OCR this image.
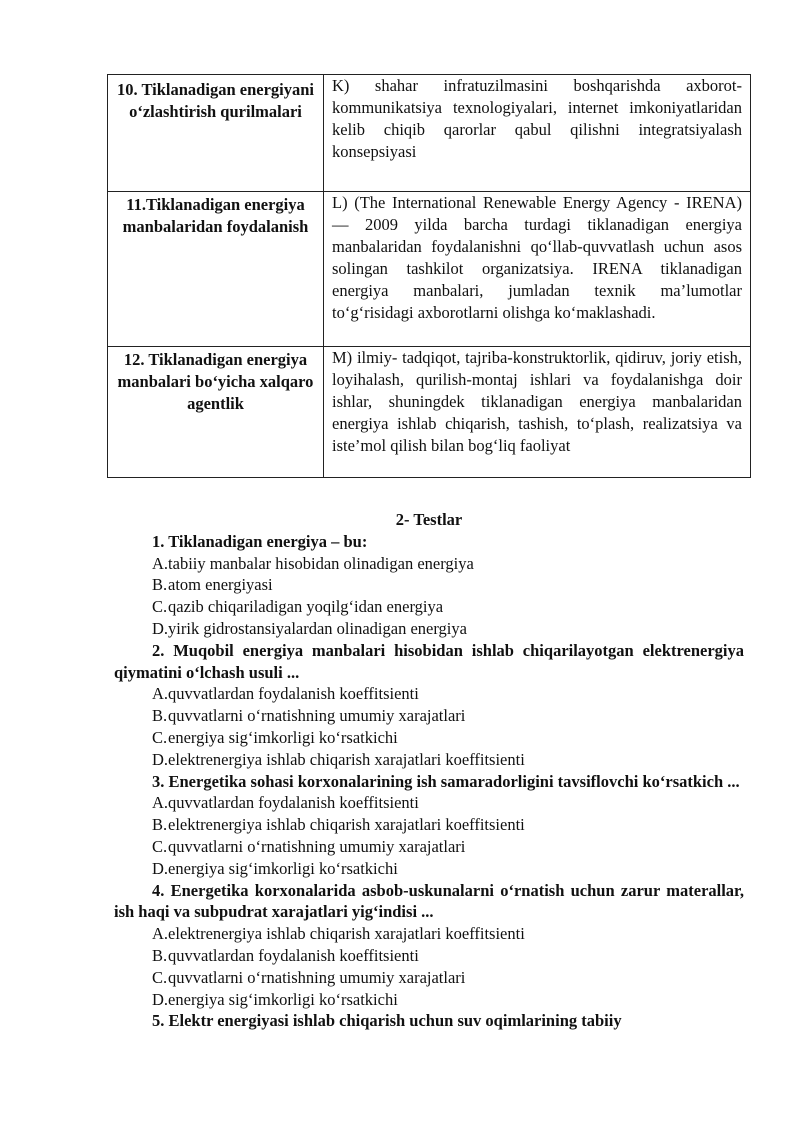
10. Tiklanadigan energiyani o‘zlashtirish qurilmalari	K) shahar infratuzilmasini boshqarishda axborot-kommunikatsiya texnologiyalari, internet imkoniyatlaridan kelib chiqib qarorlar qabul qilishni integratsiyalash konsepsiyasi
11.Tiklanadigan energiya manbalaridan foydalanish	L) (The International Renewable Energy Agency - IRENA) — 2009 yilda barcha turdagi tiklanadigan energiya manbalaridan foydalanishni qo‘llab-quvvatlash uchun asos solingan tashkilot organizatsiya. IRENA tiklanadigan energiya manbalari, jumladan texnik ma’lumotlar to‘g‘risidagi axborotlarni olishga ko‘maklashadi.
12. Tiklanadigan energiya manbalari bo‘yicha xalqaro agentlik	M) ilmiy- tadqiqot, tajriba-konstruktorlik, qidiruv, joriy etish, loyihalash, qurilish-montaj ishlari va foydalanishga doir ishlar, shuningdek tiklanadigan energiya manbalaridan energiya ishlab chiqarish, tashish, to‘plash, realizatsiya va iste’mol qilish bilan bog‘liq faoliyat
2- Testlar
1. Tiklanadigan energiya – bu:
A.tabiiy manbalar hisobidan olinadigan energiya
B.atom energiyasi
C.qazib chiqariladigan yoqilg‘idan energiya
D.yirik gidrostansiyalardan olinadigan energiya
2. Muqobil energiya manbalari hisobidan ishlab chiqarilayotgan elektrenergiya qiymatini o‘lchash usuli ...
A.quvvatlardan foydalanish koeffitsienti
B.quvvatlarni o‘rnatishning umumiy xarajatlari
C.energiya sig‘imkorligi ko‘rsatkichi
D.elektrenergiya ishlab chiqarish xarajatlari koeffitsienti
3. Energetika sohasi korxonalarining ish samaradorligini tavsiflovchi ko‘rsatkich ...
A.quvvatlardan foydalanish koeffitsienti
B.elektrenergiya ishlab chiqarish xarajatlari koeffitsienti
C.quvvatlarni o‘rnatishning umumiy xarajatlari
D.energiya sig‘imkorligi ko‘rsatkichi
4. Energetika korxonalarida asbob-uskunalarni o‘rnatish uchun zarur materallar, ish haqi va subpudrat xarajatlari yig‘indisi ...
A.elektrenergiya ishlab chiqarish xarajatlari koeffitsienti
B.quvvatlardan foydalanish koeffitsienti
C.quvvatlarni o‘rnatishning umumiy xarajatlari
D.energiya sig‘imkorligi ko‘rsatkichi
5. Elektr energiyasi ishlab chiqarish uchun suv oqimlarining tabiiy
